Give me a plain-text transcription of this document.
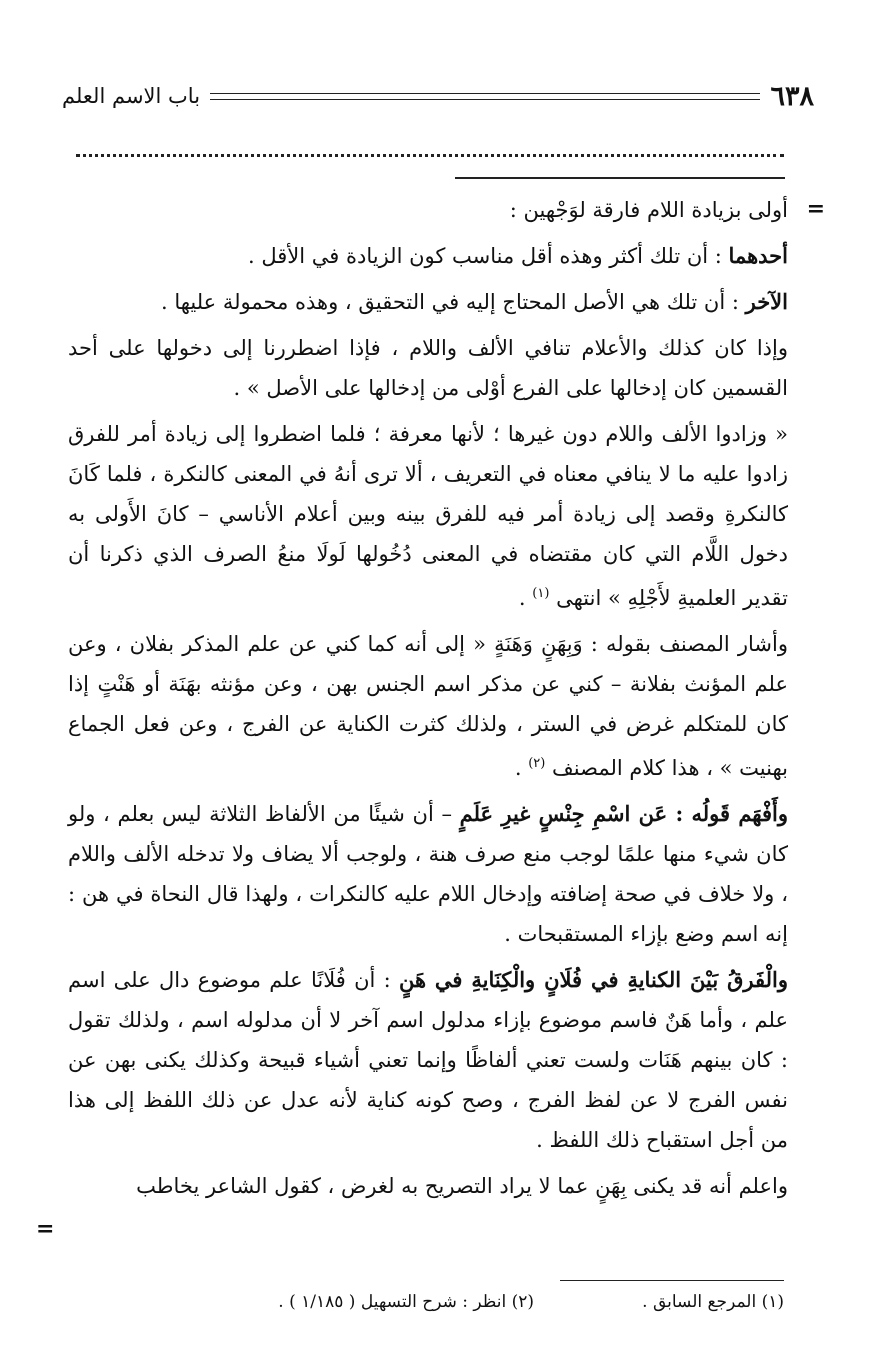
٦٣٨
باب الاسم العلم
=
=

أولى بزيادة اللام فارقة لوَجْهين :

أحدهما : أن تلك أكثر وهذه أقل مناسب كون الزيادة في الأقل .

الآخر : أن تلك هي الأصل المحتاج إليه في التحقيق ، وهذه محمولة عليها .

وإذا كان كذلك والأعلام تنافي الألف واللام ، فإذا اضطررنا إلى دخولها على أحد القسمين كان إدخالها على الفرع أوْلى من إدخالها على الأصل » .

« وزادوا الألف واللام دون غيرها ؛ لأنها معرفة ؛ فلما اضطروا إلى زيادة أمر للفرق زادوا عليه ما لا ينافي معناه في التعريف ، ألا ترى أنهُ في المعنى كالنكرة ، فلما كَانَ كالنكرةِ وقصد إلى زيادة أمر فيه للفرق بينه وبين أعلام الأناسي – كانَ الأَولى به دخول اللَّام التي كان مقتضاه في المعنى دُخُولها لَولَا منعُ الصرف الذي ذكرنا أن تقدير العلميةِ لأَجْلِهِ » انتهى $^{(١)}$ .

وأشار المصنف بقوله : وَبِهَنٍ وَهَنَةٍ « إلى أنه كما كني عن علم المذكر بفلان ، وعن علم المؤنث بفلانة – كني عن مذكر اسم الجنس بهن ، وعن مؤنثه بهَنَة أو هَنْتٍ إذا كان للمتكلم غرض في الستر ، ولذلك كثرت الكناية عن الفرج ، وعن فعل الجماع بهنيت » ، هذا كلام المصنف $^{(٢)}$ .

وأَفْهَم قَولُه : عَن اسْمِ جِنْسٍ غيرِ عَلَمٍ – أن شيئًا من الألفاظ الثلاثة ليس بعلم ، ولو كان شيء منها علمًا لوجب منع صرف هنة ، ولوجب ألا يضاف ولا تدخله الألف واللام ، ولا خلاف في صحة إضافته وإدخال اللام عليه كالنكرات ، ولهذا قال النحاة في هن : إنه اسم وضع بإزاء المستقبحات .

والْفَرقُ بَيْنَ الكنايةِ في فُلَانٍ والْكِنَايةِ في هَنٍ : أن فُلَانًا علم موضوع دال على اسم علم ، وأما هَنٌ فاسم موضوع بإزاء مدلول اسم آخر لا أن مدلوله اسم ، ولذلك تقول : كان بينهم هَنَات ولست تعني ألفاظًا وإنما تعني أشياء قبيحة وكذلك يكنى بهن عن نفس الفرج لا عن لفظ الفرج ، وصح كونه كناية لأنه عدل عن ذلك اللفظ إلى هذا من أجل استقباح ذلك اللفظ .

واعلم أنه قد يكنى بِهَنٍ عما لا يراد التصريح به لغرض ، كقول الشاعر يخاطب

(١) المرجع السابق .
(٢) انظر : شرح التسهيل ( ١/١٨٥ ) .
